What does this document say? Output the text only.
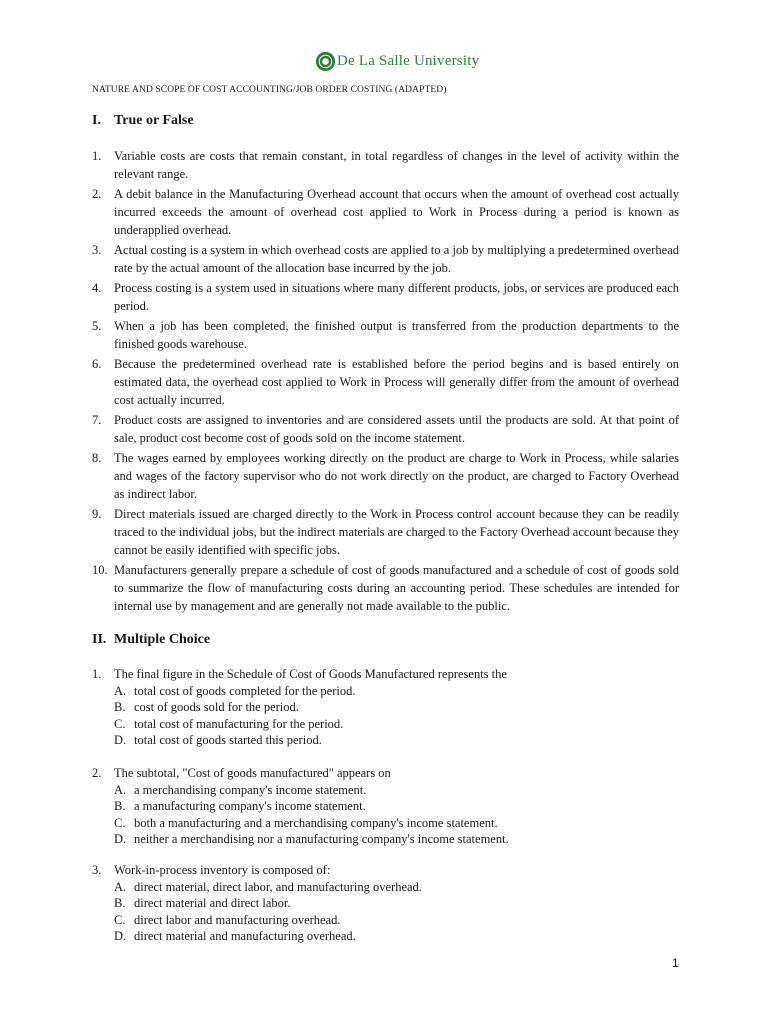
De La Salle University
NATURE AND SCOPE OF COST ACCOUNTING/JOB ORDER COSTING (ADAPTED)
I. True or False
1. Variable costs are costs that remain constant, in total regardless of changes in the level of activity within the relevant range.
2. A debit balance in the Manufacturing Overhead account that occurs when the amount of overhead cost actually incurred exceeds the amount of overhead cost applied to Work in Process during a period is known as underapplied overhead.
3. Actual costing is a system in which overhead costs are applied to a job by multiplying a predetermined overhead rate by the actual amount of the allocation base incurred by the job.
4. Process costing is a system used in situations where many different products, jobs, or services are produced each period.
5. When a job has been completed, the finished output is transferred from the production departments to the finished goods warehouse.
6. Because the predetermined overhead rate is established before the period begins and is based entirely on estimated data, the overhead cost applied to Work in Process will generally differ from the amount of overhead cost actually incurred.
7. Product costs are assigned to inventories and are considered assets until the products are sold. At that point of sale, product cost become cost of goods sold on the income statement.
8. The wages earned by employees working directly on the product are charge to Work in Process, while salaries and wages of the factory supervisor who do not work directly on the product, are charged to Factory Overhead as indirect labor.
9. Direct materials issued are charged directly to the Work in Process control account because they can be readily traced to the individual jobs, but the indirect materials are charged to the Factory Overhead account because they cannot be easily identified with specific jobs.
10. Manufacturers generally prepare a schedule of cost of goods manufactured and a schedule of cost of goods sold to summarize the flow of manufacturing costs during an accounting period. These schedules are intended for internal use by management and are generally not made available to the public.
II. Multiple Choice
1. The final figure in the Schedule of Cost of Goods Manufactured represents the
A. total cost of goods completed for the period.
B. cost of goods sold for the period.
C. total cost of manufacturing for the period.
D. total cost of goods started this period.
2. The subtotal, "Cost of goods manufactured" appears on
A. a merchandising company's income statement.
B. a manufacturing company's income statement.
C. both a manufacturing and a merchandising company's income statement.
D. neither a merchandising nor a manufacturing company's income statement.
3. Work-in-process inventory is composed of:
A. direct material, direct labor, and manufacturing overhead.
B. direct material and direct labor.
C. direct labor and manufacturing overhead.
D. direct material and manufacturing overhead.
1
